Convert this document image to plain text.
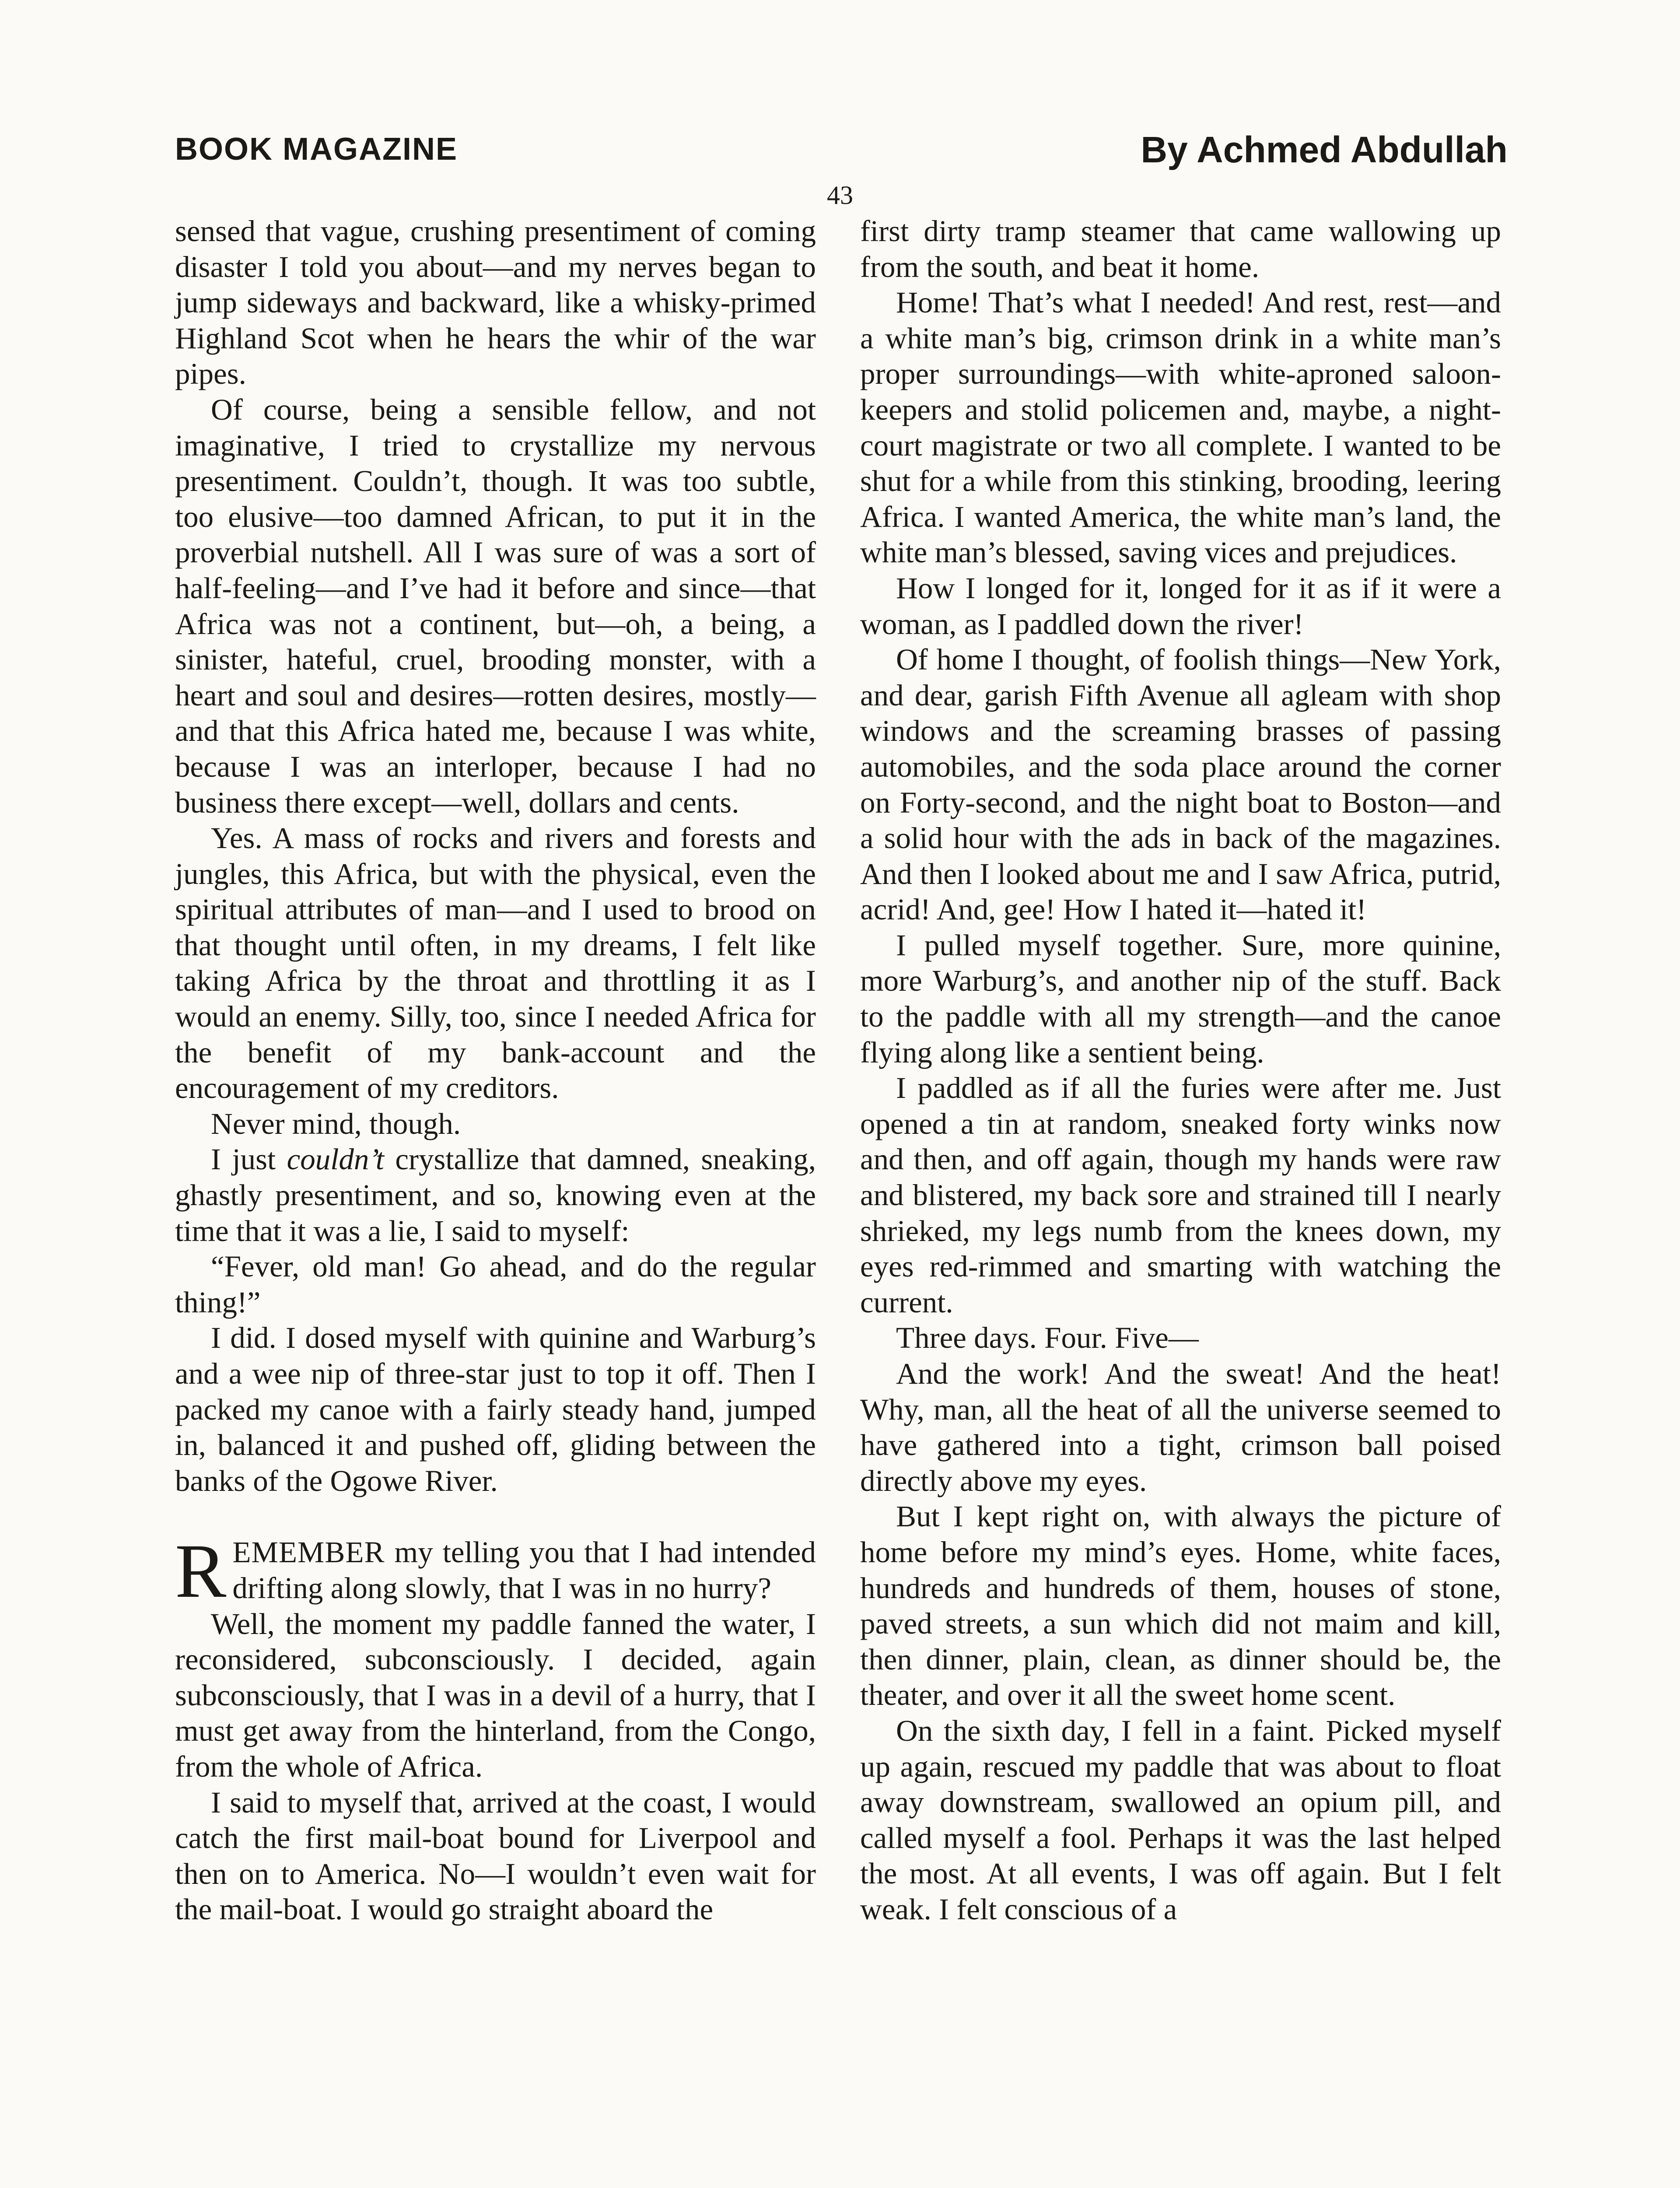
BOOK MAGAZINE	By Achmed Abdullah
43

sensed that vague, crushing presentiment of coming disaster I told you about—and my nerves began to jump sideways and backward, like a whisky-primed Highland Scot when he hears the whir of the war pipes.

Of course, being a sensible fellow, and not imaginative, I tried to crystallize my nervous presentiment. Couldn’t, though. It was too subtle, too elusive—too damned African, to put it in the proverbial nutshell. All I was sure of was a sort of half-feeling—and I’ve had it before and since—that Africa was not a continent, but—oh, a being, a sinister, hateful, cruel, brooding monster, with a heart and soul and desires—rotten desires, mostly—and that this Africa hated me, because I was white, because I was an interloper, because I had no business there except—well, dollars and cents.

Yes. A mass of rocks and rivers and forests and jungles, this Africa, but with the physical, even the spiritual attributes of man—and I used to brood on that thought until often, in my dreams, I felt like taking Africa by the throat and throttling it as I would an enemy. Silly, too, since I needed Africa for the benefit of my bank-account and the encouragement of my creditors.

Never mind, though.

I just couldn’t crystallize that damned, sneaking, ghastly presentiment, and so, knowing even at the time that it was a lie, I said to myself:

“Fever, old man! Go ahead, and do the regular thing!”

I did. I dosed myself with quinine and Warburg’s and a wee nip of three-star just to top it off. Then I packed my canoe with a fairly steady hand, jumped in, balanced it and pushed off, gliding between the banks of the Ogowe River.

REMEMBER my telling you that I had intended drifting along slowly, that I was in no hurry?

Well, the moment my paddle fanned the water, I reconsidered, subconsciously. I decided, again subconsciously, that I was in a devil of a hurry, that I must get away from the hinterland, from the Congo, from the whole of Africa.

I said to myself that, arrived at the coast, I would catch the first mail-boat bound for Liverpool and then on to America. No—I wouldn’t even wait for the mail-boat. I would go straight aboard the

first dirty tramp steamer that came wallowing up from the south, and beat it home.

Home! That’s what I needed! And rest, rest—and a white man’s big, crimson drink in a white man’s proper surroundings—with white-aproned saloon-keepers and stolid policemen and, maybe, a night-court magistrate or two all complete. I wanted to be shut for a while from this stinking, brooding, leering Africa. I wanted America, the white man’s land, the white man’s blessed, saving vices and prejudices.

How I longed for it, longed for it as if it were a woman, as I paddled down the river!

Of home I thought, of foolish things—New York, and dear, garish Fifth Avenue all agleam with shop windows and the screaming brasses of passing automobiles, and the soda place around the corner on Forty-second, and the night boat to Boston—and a solid hour with the ads in back of the magazines. And then I looked about me and I saw Africa, putrid, acrid! And, gee! How I hated it—hated it!

I pulled myself together. Sure, more quinine, more Warburg’s, and another nip of the stuff. Back to the paddle with all my strength—and the canoe flying along like a sentient being.

I paddled as if all the furies were after me. Just opened a tin at random, sneaked forty winks now and then, and off again, though my hands were raw and blistered, my back sore and strained till I nearly shrieked, my legs numb from the knees down, my eyes red-rimmed and smarting with watching the current.

Three days. Four. Five—

And the work! And the sweat! And the heat! Why, man, all the heat of all the universe seemed to have gathered into a tight, crimson ball poised directly above my eyes.

But I kept right on, with always the picture of home before my mind’s eyes. Home, white faces, hundreds and hundreds of them, houses of stone, paved streets, a sun which did not maim and kill, then dinner, plain, clean, as dinner should be, the theater, and over it all the sweet home scent.

On the sixth day, I fell in a faint. Picked myself up again, rescued my paddle that was about to float away downstream, swallowed an opium pill, and called myself a fool. Perhaps it was the last helped the most. At all events, I was off again. But I felt weak. I felt conscious of a
